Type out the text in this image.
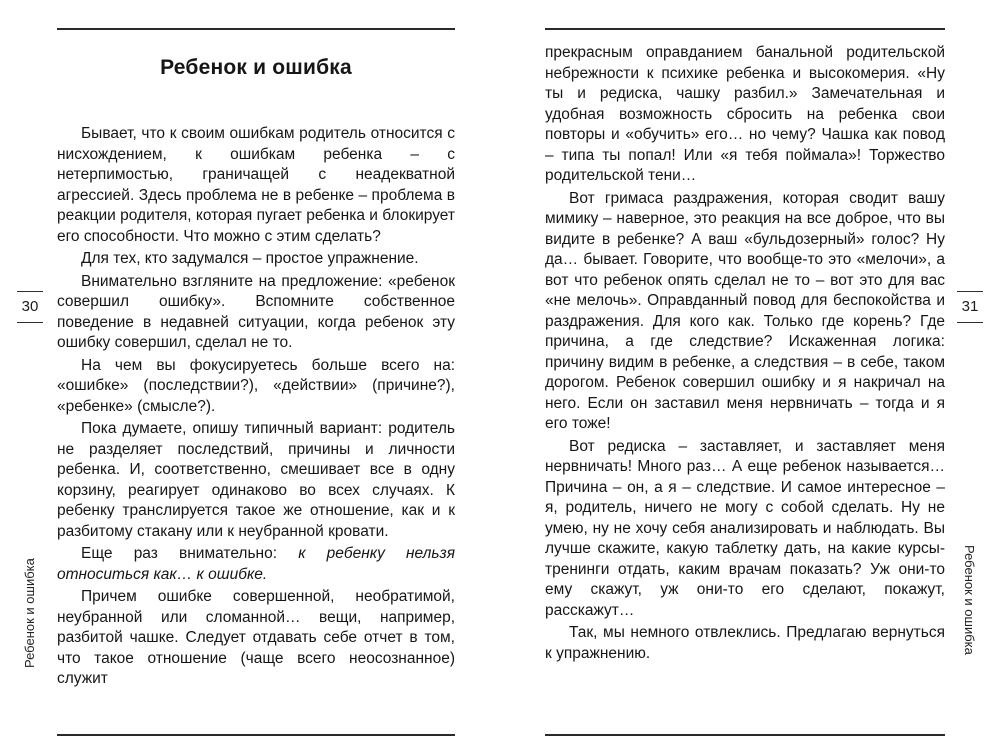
30
Ребенок и ошибка
31
Ребенок и ошибка
Ребенок и ошибка

Бывает, что к своим ошибкам родитель относится с нисхождением, к ошибкам ребенка – с нетерпимостью, граничащей с неадекватной агрессией. Здесь проблема не в ребенке – проблема в реакции родителя, которая пугает ребенка и блокирует его способности. Что можно с этим сделать?

Для тех, кто задумался – простое упражнение.

Внимательно взгляните на предложение: «ребенок совершил ошибку». Вспомните собственное поведение в недавней ситуации, когда ребенок эту ошибку совершил, сделал не то.

На чем вы фокусируетесь больше всего на: «ошибке» (последствии?), «действии» (причине?), «ребенке» (смысле?).

Пока думаете, опишу типичный вариант: родитель не разделяет последствий, причины и личности ребенка. И, соответственно, смешивает все в одну корзину, реагирует одинаково во всех случаях. К ребенку транслируется такое же отношение, как и к разбитому стакану или к неубранной кровати.

Еще раз внимательно: к ребенку нельзя относиться как… к ошибке.

Причем ошибке совершенной, необратимой, неубранной или сломанной… вещи, например, разбитой чашке. Следует отдавать себе отчет в том, что такое отношение (чаще всего неосознанное) служит

прекрасным оправданием банальной родительской небрежности к психике ребенка и высокомерия. «Ну ты и редиска, чашку разбил.» Замечательная и удобная возможность сбросить на ребенка свои повторы и «обучить» его… но чему? Чашка как повод – типа ты попал! Или «я тебя поймала»! Торжество родительской тени…

Вот гримаса раздражения, которая сводит вашу мимику – наверное, это реакция на все доброе, что вы видите в ребенке? А ваш «бульдозерный» голос? Ну да… бывает. Говорите, что вообще-то это «мелочи», а вот что ребенок опять сделал не то – вот это для вас «не мелочь». Оправданный повод для беспокойства и раздражения. Для кого как. Только где корень? Где причина, а где следствие? Искаженная логика: причину видим в ребенке, а следствия – в себе, таком дорогом. Ребенок совершил ошибку и я накричал на него. Если он заставил меня нервничать – тогда и я его тоже!

Вот редиска – заставляет, и заставляет меня нервничать! Много раз… А еще ребенок называется… Причина – он, а я – следствие. И самое интересное – я, родитель, ничего не могу с собой сделать. Ну не умею, ну не хочу себя анализировать и наблюдать. Вы лучше скажите, какую таблетку дать, на какие курсы-тренинги отдать, каким врачам показать? Уж они-то ему скажут, уж они-то его сделают, покажут, расскажут…

Так, мы немного отвлеклись. Предлагаю вернуться к упражнению.
